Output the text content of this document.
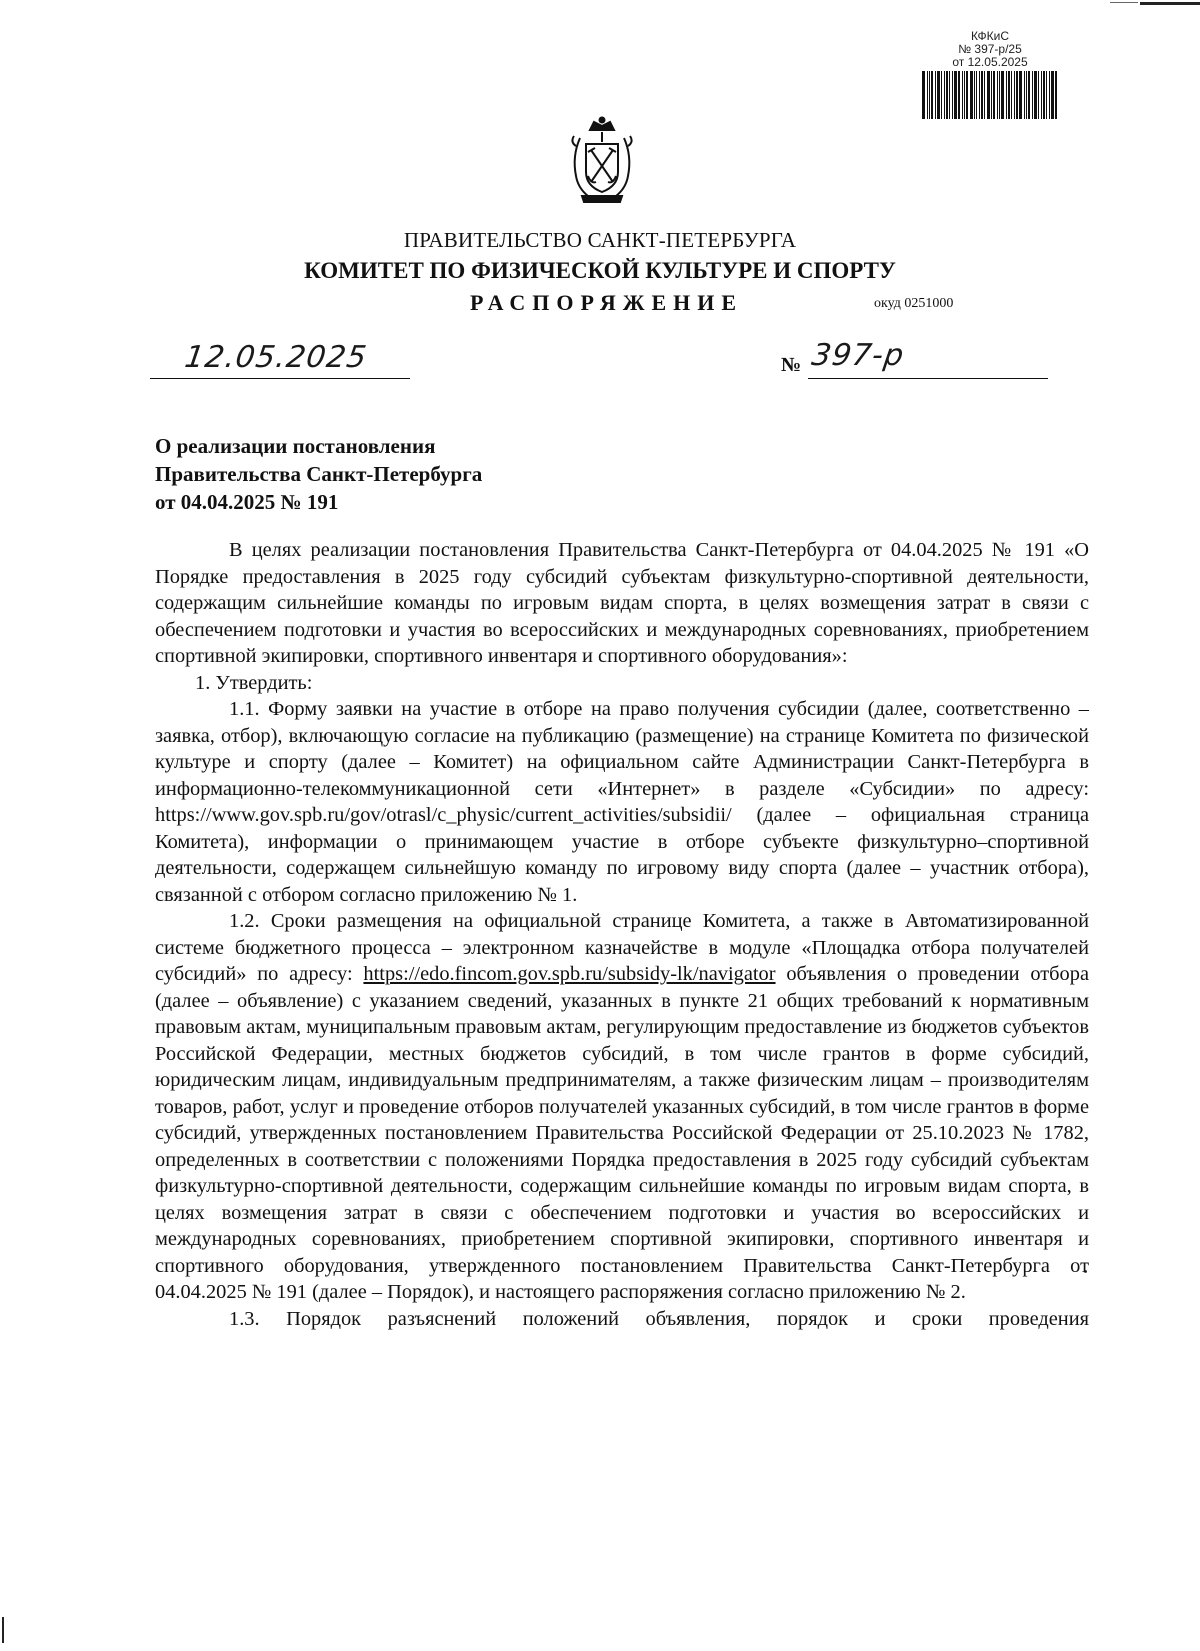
КФКиС
№ 397-р/25
от 12.05.2025
ПРАВИТЕЛЬСТВО САНКТ-ПЕТЕРБУРГА
КОМИТЕТ ПО ФИЗИЧЕСКОЙ КУЛЬТУРЕ И СПОРТУ
РАСПОРЯЖЕНИЕ	окуд 0251000
12.05.2025	№ 397-р
О реализации постановления
Правительства Санкт-Петербурга
от 04.04.2025 № 191

В целях реализации постановления Правительства Санкт-Петербурга от 04.04.2025 № 191 «О Порядке предоставления в 2025 году субсидий субъектам физкультурно-спортивной деятельности, содержащим сильнейшие команды по игровым видам спорта, в целях возмещения затрат в связи с обеспечением подготовки и участия во всероссийских и международных соревнованиях, приобретением спортивной экипировки, спортивного инвентаря и спортивного оборудования»:

1. Утвердить:

1.1. Форму заявки на участие в отборе на право получения субсидии (далее, соответственно – заявка, отбор), включающую согласие на публикацию (размещение) на странице Комитета по физической культуре и спорту (далее – Комитет) на официальном сайте Администрации Санкт-Петербурга в информационно-телекоммуникационной сети «Интернет» в разделе «Субсидии» по адресу: https://www.gov.spb.ru/gov/otrasl/c_physic/current_activities/subsidii/ (далее – официальная страница Комитета), информации о принимающем участие в отборе субъекте физкультурно–спортивной деятельности, содержащем сильнейшую команду по игровому виду спорта (далее – участник отбора), связанной с отбором согласно приложению № 1.

1.2. Сроки размещения на официальной странице Комитета, а также в Автоматизированной системе бюджетного процесса – электронном казначействе в модуле «Площадка отбора получателей субсидий» по адресу: https://edo.fincom.gov.spb.ru/subsidy-lk/navigator объявления о проведении отбора (далее – объявление) с указанием сведений, указанных в пункте 21 общих требований к нормативным правовым актам, муниципальным правовым актам, регулирующим предоставление из бюджетов субъектов Российской Федерации, местных бюджетов субсидий, в том числе грантов в форме субсидий, юридическим лицам, индивидуальным предпринимателям, а также физическим лицам – производителям товаров, работ, услуг и проведение отборов получателей указанных субсидий, в том числе грантов в форме субсидий, утвержденных постановлением Правительства Российской Федерации от 25.10.2023 № 1782, определенных в соответствии с положениями Порядка предоставления в 2025 году субсидий субъектам физкультурно-спортивной деятельности, содержащим сильнейшие команды по игровым видам спорта, в целях возмещения затрат в связи с обеспечением подготовки и участия во всероссийских и международных соревнованиях, приобретением спортивной экипировки, спортивного инвентаря и спортивного оборудования, утвержденного постановлением Правительства Санкт-Петербурга от 04.04.2025 № 191 (далее – Порядок), и настоящего распоряжения согласно приложению № 2.

1.3. Порядок разъяснений положений объявления, порядок и сроки проведения
